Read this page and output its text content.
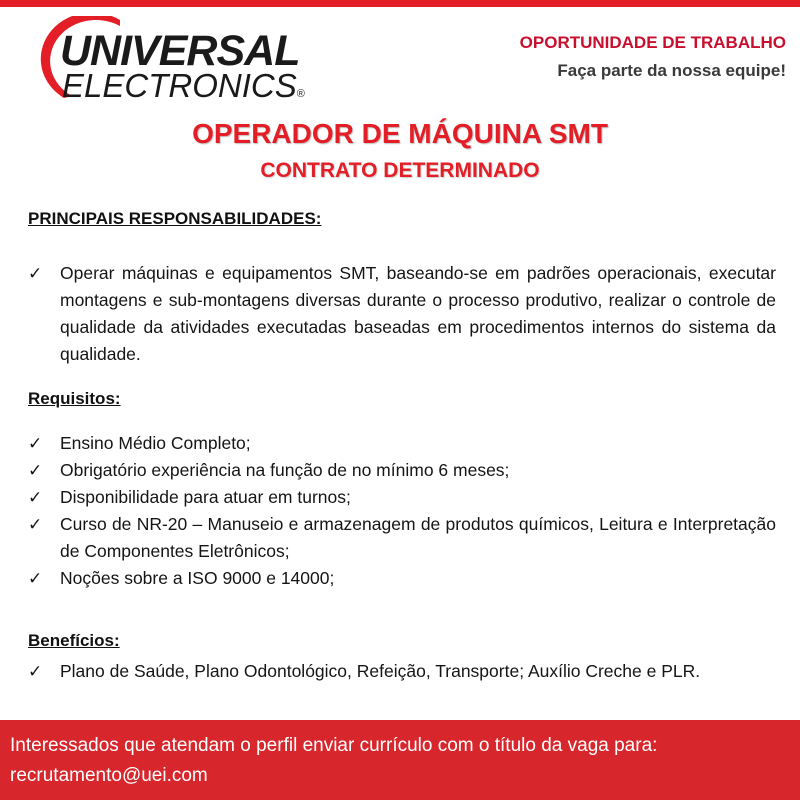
UNIVERSAL
ELECTRONICS®
OPORTUNIDADE DE TRABALHO
Faça parte da nossa equipe!
OPERADOR DE MÁQUINA SMT
CONTRATO DETERMINADO
PRINCIPAIS RESPONSABILIDADES:
✓	Operar máquinas e equipamentos SMT, baseando-se em padrões operacionais, executar montagens e sub-montagens diversas durante o processo produtivo, realizar o controle de qualidade da atividades executadas baseadas em procedimentos internos do sistema da qualidade.
Requisitos:
✓	Ensino Médio Completo;
✓	Obrigatório experiência na função de no mínimo 6 meses;
✓	Disponibilidade para atuar em turnos;
✓	Curso de NR-20 – Manuseio e armazenagem de produtos químicos, Leitura e Interpretação de Componentes Eletrônicos;
✓	Noções sobre a ISO 9000 e 14000;
Benefícios:
✓	Plano de Saúde, Plano Odontológico, Refeição, Transporte; Auxílio Creche e PLR.
Interessados que atendam o perfil enviar currículo com o título da vaga para:
recrutamento@uei.com
